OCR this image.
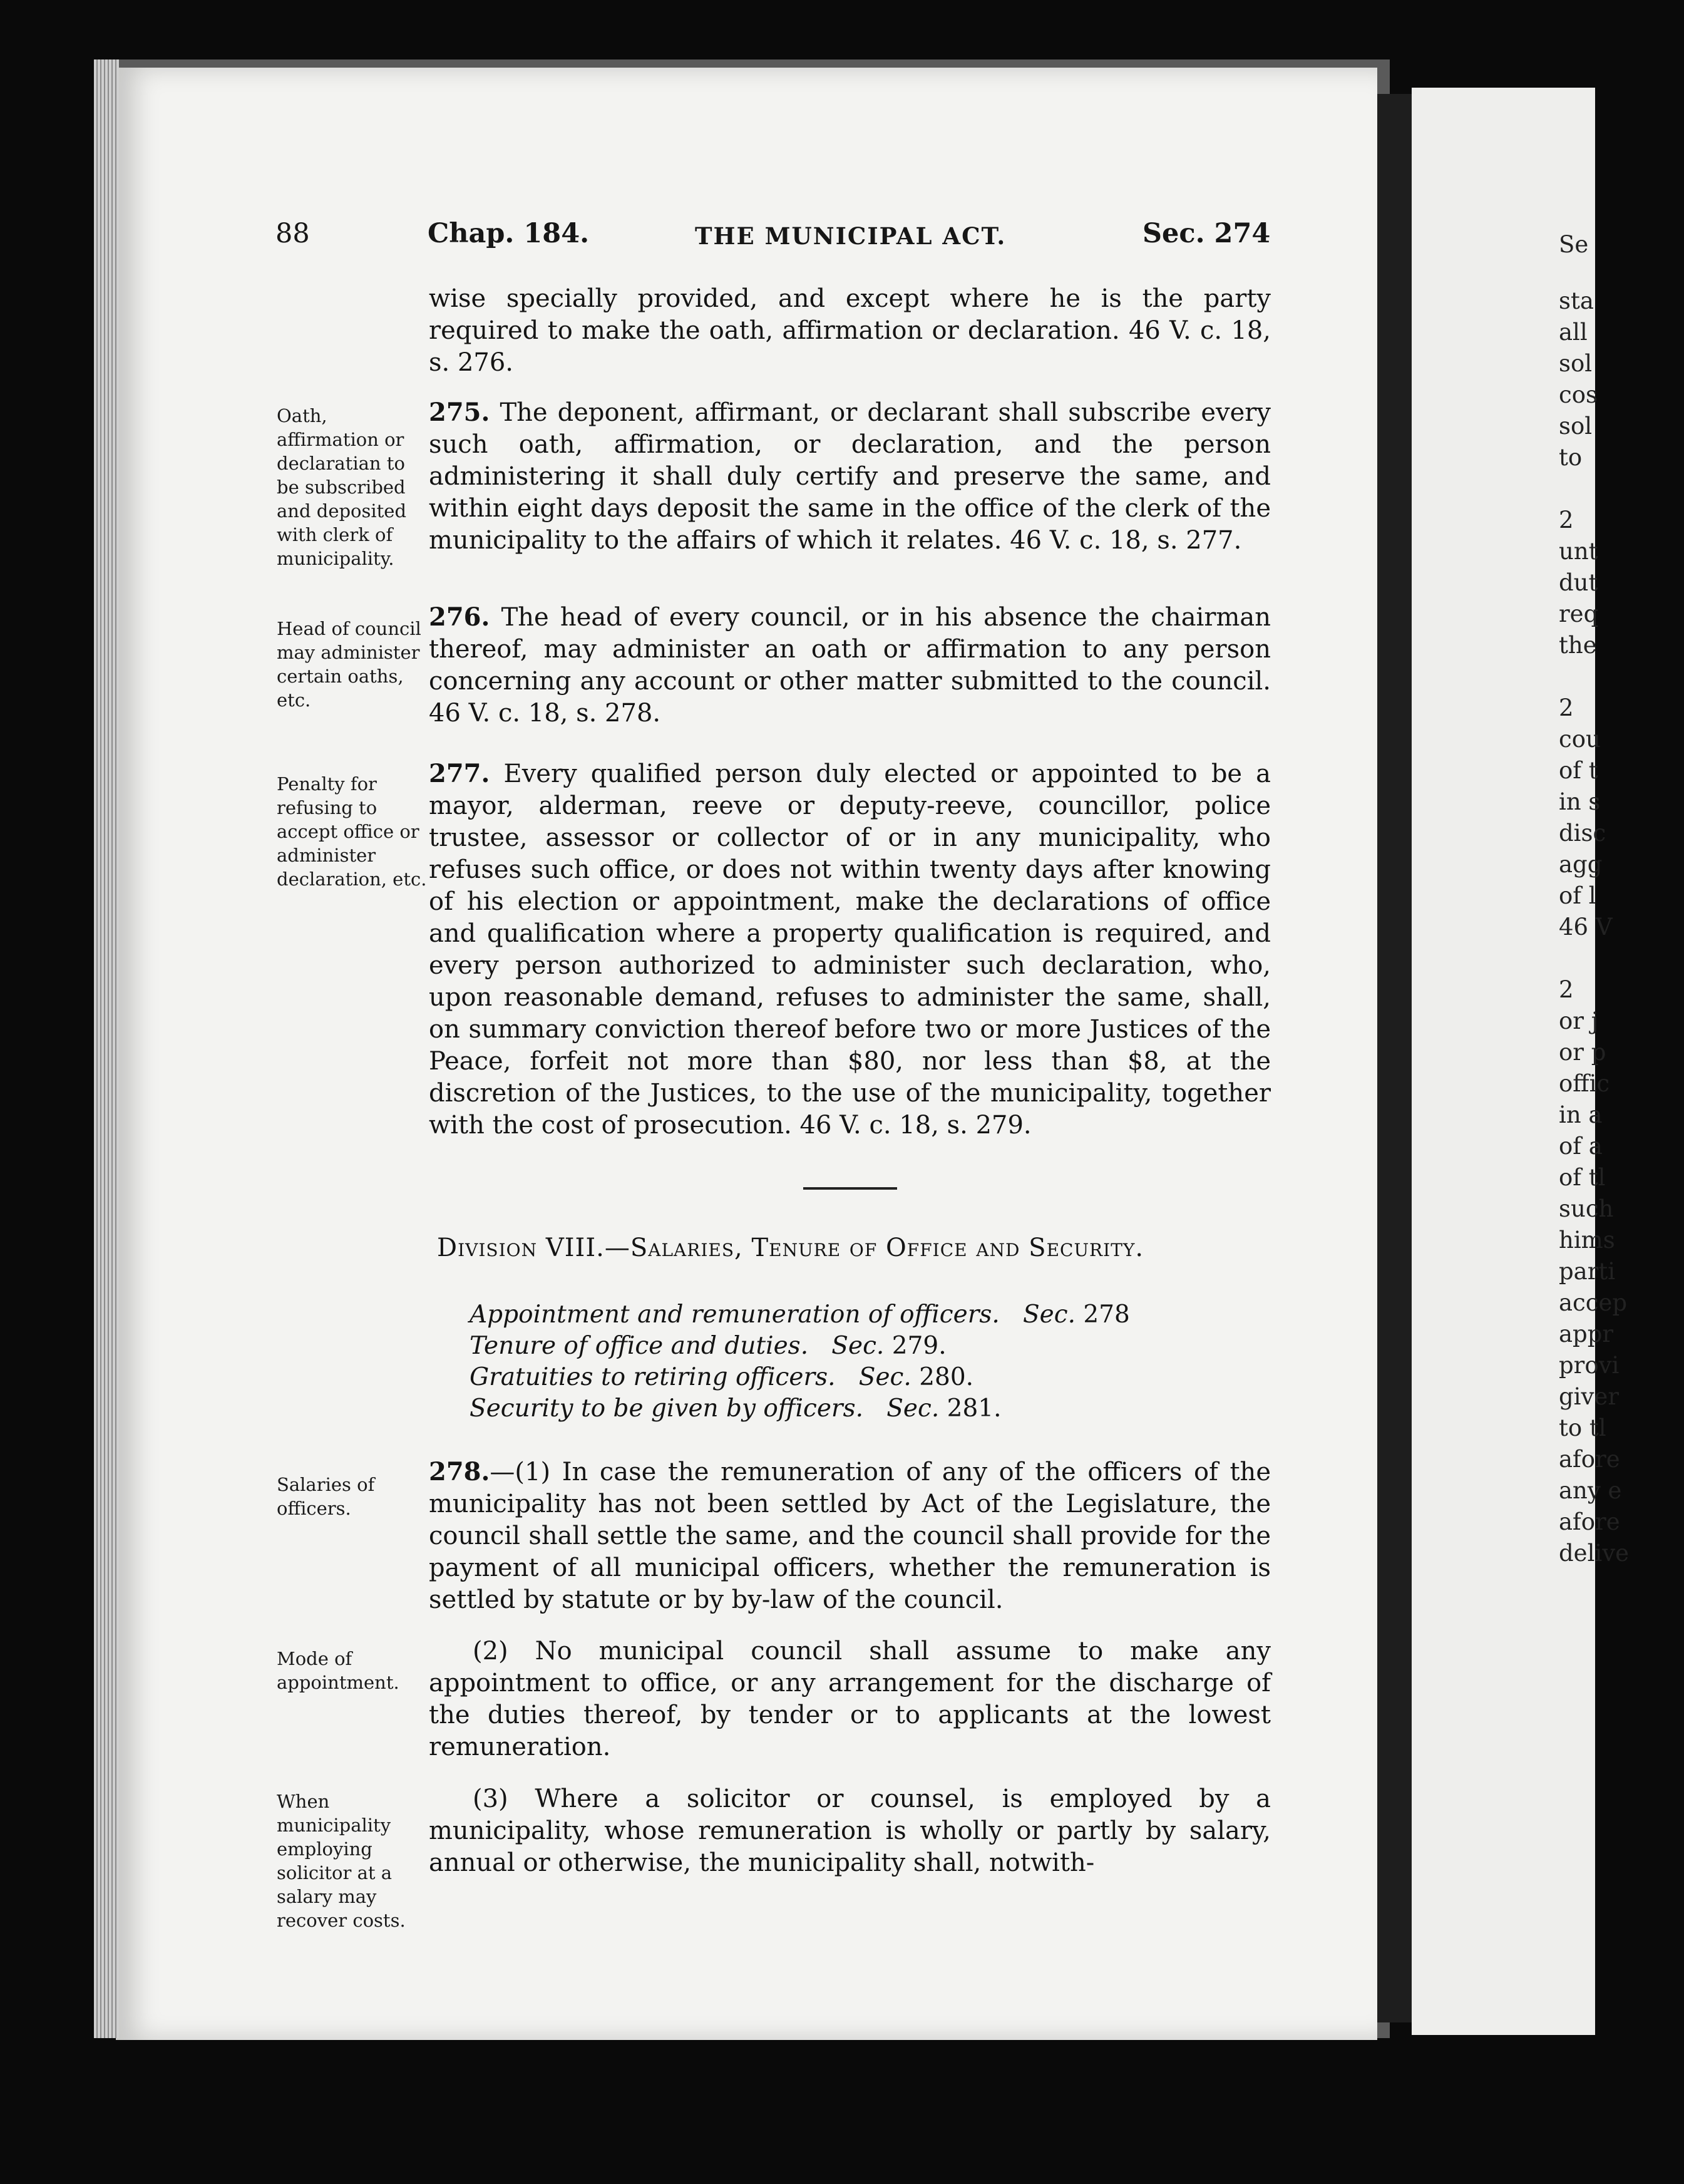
Se
sta
all
sol
cos
sol
to
2
unt
dut
req
the
2
cou
of t
in s
disc
agg
of l
46 V
2
or j
or p
offic
in a
of a
of tl
such
hims
parti
accep
appr
provi
giver
to tl
afore
any e
afore
delive
88	Chap. 184.	THE MUNICIPAL ACT.	Sec. 274
wise specially provided, and except where he is the party required to make the oath, affirmation or declaration. 46 V. c. 18, s. 276.
Oath, affirmation or declaratian to be subscribed and deposited with clerk of municipality.
275. The deponent, affirmant, or declarant shall subscribe every such oath, affirmation, or declaration, and the person administering it shall duly certify and preserve the same, and within eight days deposit the same in the office of the clerk of the municipality to the affairs of which it relates. 46 V. c. 18, s. 277.
Head of council may administer certain oaths, etc.
276. The head of every council, or in his absence the chairman thereof, may administer an oath or affirmation to any person concerning any account or other matter submitted to the council. 46 V. c. 18, s. 278.
Penalty for refusing to accept office or administer declaration, etc.
277. Every qualified person duly elected or appointed to be a mayor, alderman, reeve or deputy-reeve, councillor, police trustee, assessor or collector of or in any municipality, who refuses such office, or does not within twenty days after knowing of his election or appointment, make the declarations of office and qualification where a property qualification is required, and every person authorized to administer such declaration, who, upon reasonable demand, refuses to administer the same, shall, on summary conviction thereof before two or more Justices of the Peace, forfeit not more than $80, nor less than $8, at the discretion of the Justices, to the use of the municipality, together with the cost of prosecution. 46 V. c. 18, s. 279.
Division VIII.—Salaries, Tenure of Office and Security.
Appointment and remuneration of officers. Sec. 278
Tenure of office and duties. Sec. 279.
Gratuities to retiring officers. Sec. 280.
Security to be given by officers. Sec. 281.
Salaries of officers.
278.—(1) In case the remuneration of any of the officers of the municipality has not been settled by Act of the Legislature, the council shall settle the same, and the council shall provide for the payment of all municipal officers, whether the remuneration is settled by statute or by by-law of the council.
Mode of appointment.
(2) No municipal council shall assume to make any appointment to office, or any arrangement for the discharge of the duties thereof, by tender or to applicants at the lowest remuneration.
When municipality employing solicitor at a salary may recover costs.
(3) Where a solicitor or counsel, is employed by a municipality, whose remuneration is wholly or partly by salary, annual or otherwise, the municipality shall, notwith-
